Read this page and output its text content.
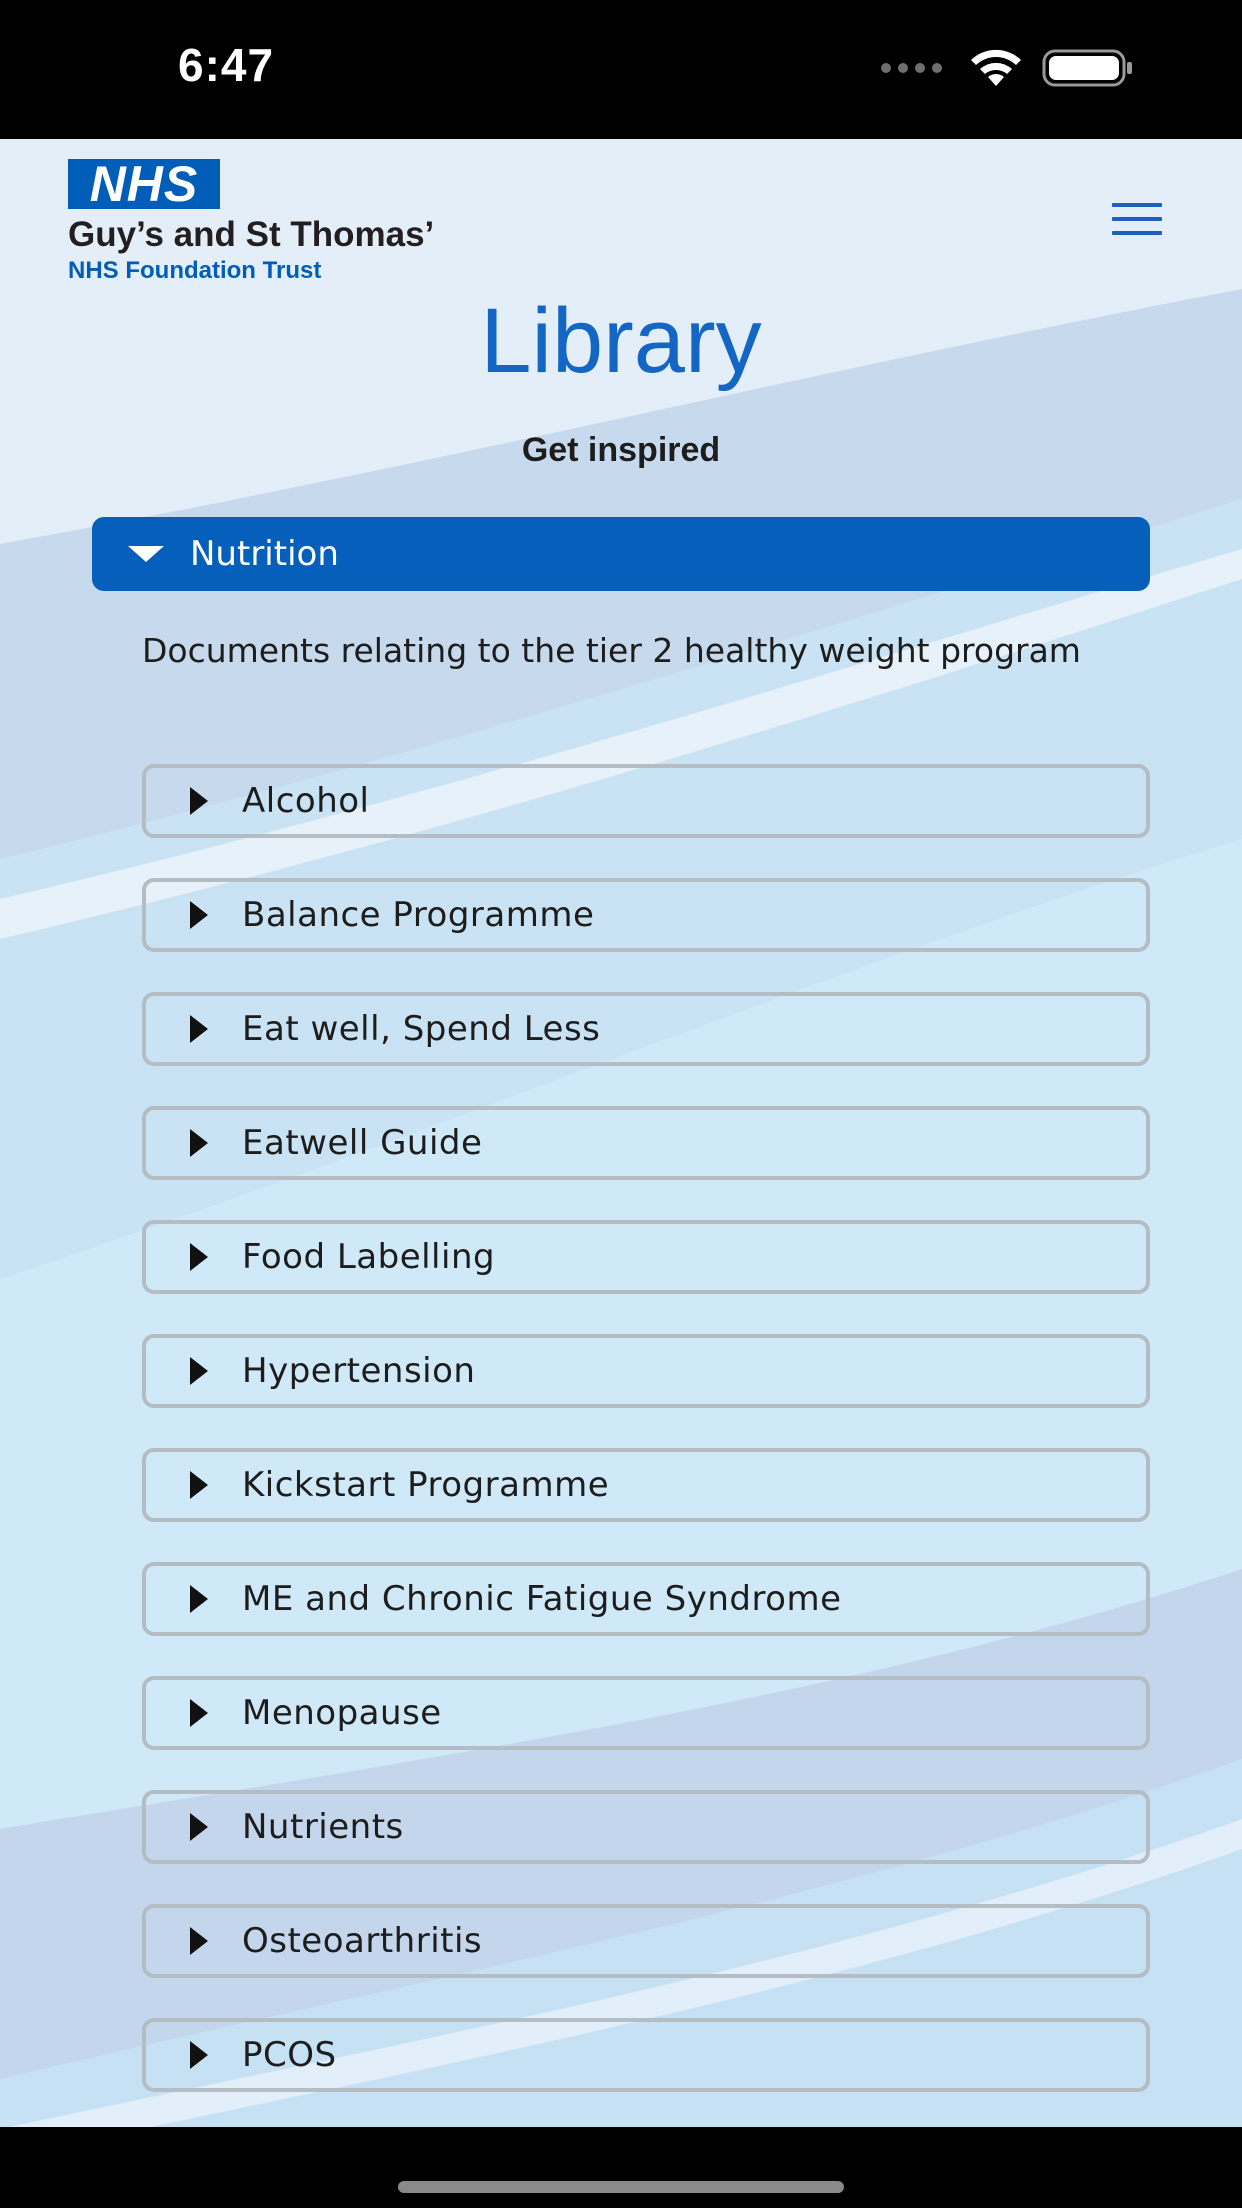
6:47
NHS
Guy’s and St Thomas’
NHS Foundation Trust
Library
Get inspired
Nutrition
Documents relating to the tier 2 healthy weight program
Alcohol
Balance Programme
Eat well, Spend Less
Eatwell Guide
Food Labelling
Hypertension
Kickstart Programme
ME and Chronic Fatigue Syndrome
Menopause
Nutrients
Osteoarthritis
PCOS
